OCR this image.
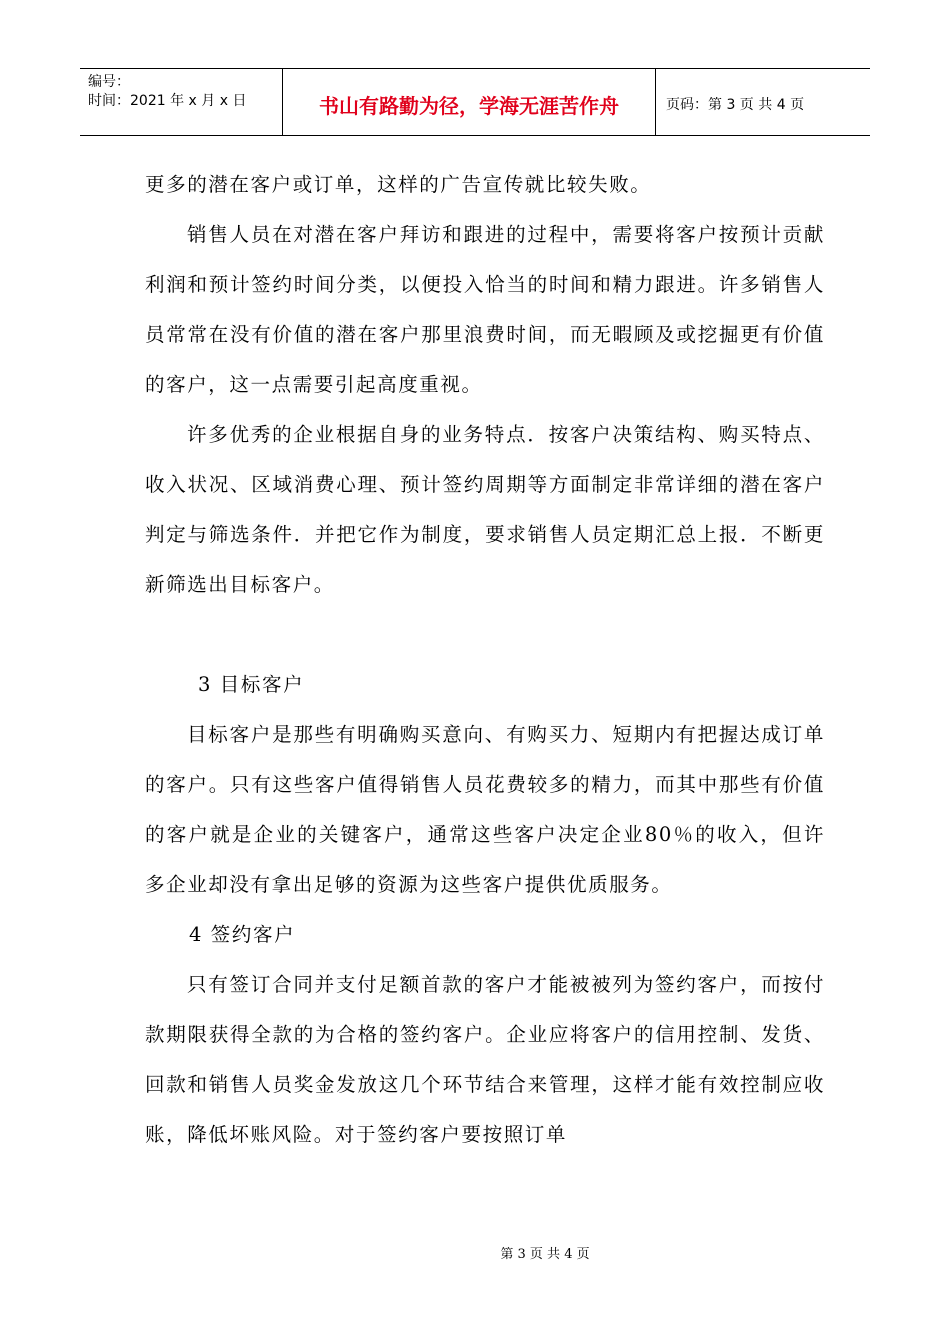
编号：
时间：2021 年 x 月 x 日	书山有路勤为径，学海无涯苦作舟	页码：第 3 页 共 4 页

更多的潜在客户或订单，这样的广告宣传就比较失败。

销售人员在对潜在客户拜访和跟进的过程中，需要将客户按预计贡献利润和预计签约时间分类，以便投入恰当的时间和精力跟进。许多销售人员常常在没有价值的潜在客户那里浪费时间，而无暇顾及或挖掘更有价值的客户，这一点需要引起高度重视。

许多优秀的企业根据自身的业务特点．按客户决策结构、购买特点、收入状况、区域消费心理、预计签约周期等方面制定非常详细的潜在客户判定与筛选条件．并把它作为制度，要求销售人员定期汇总上报．不断更新筛选出目标客户。

3 目标客户

目标客户是那些有明确购买意向、有购买力、短期内有把握达成订单的客户。只有这些客户值得销售人员花费较多的精力，而其中那些有价值的客户就是企业的关键客户，通常这些客户决定企业80％的收入，但许多企业却没有拿出足够的资源为这些客户提供优质服务。

4 签约客户

只有签订合同并支付足额首款的客户才能被被列为签约客户，而按付款期限获得全款的为合格的签约客户。企业应将客户的信用控制、发货、回款和销售人员奖金发放这几个环节结合来管理，这样才能有效控制应收账，降低坏账风险。对于签约客户要按照订单

第 3 页 共 4 页
